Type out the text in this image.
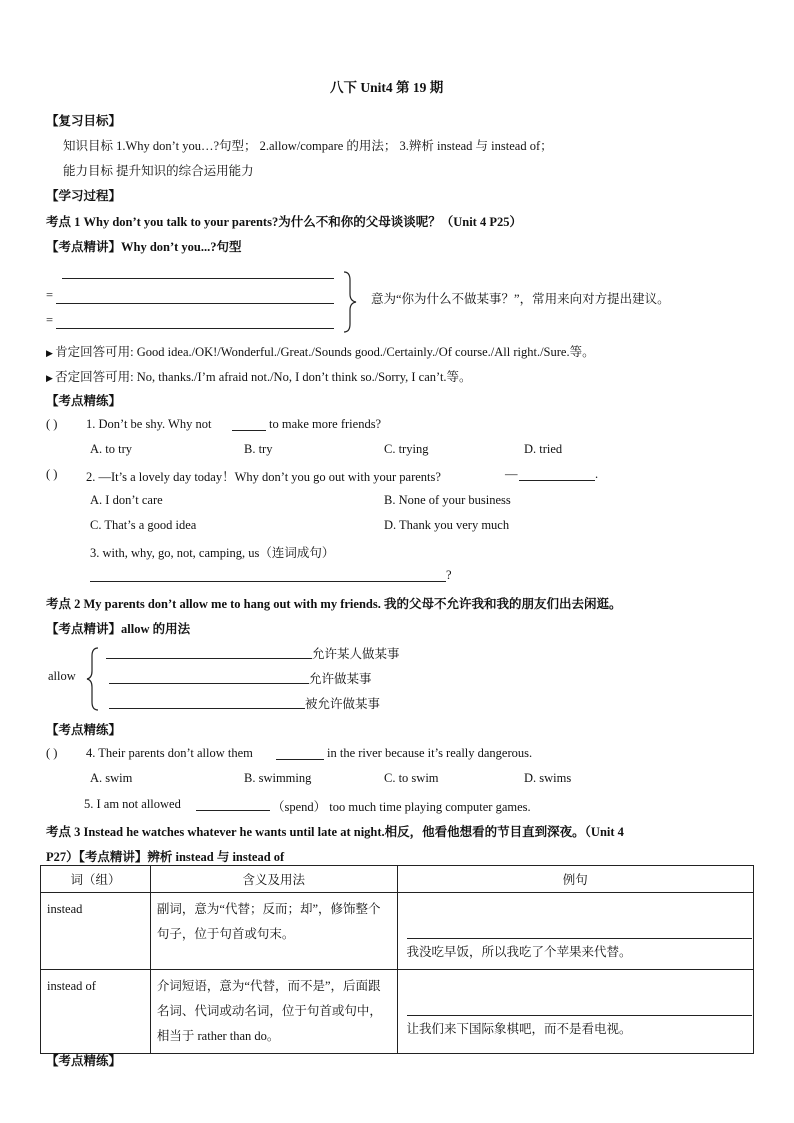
八下 Unit4 第 19 期
【复习目标】
知识目标 1.Why don’t you…?句型； 2.allow/compare 的用法； 3.辨析 instead 与 instead of；
能力目标 提升知识的综合运用能力
【学习过程】
考点 1 Why don’t you talk to your parents?为什么不和你的父母谈谈呢？（Unit 4 P25）
【考点精讲】Why don’t you...?句型
=
=
意为“你为什么不做某事？”，常用来向对方提出建议。
▶ 肯定回答可用: Good idea./OK!/Wonderful./Great./Sounds good./Certainly./Of course./All right./Sure.等。
▶ 否定回答可用: No, thanks./I’m afraid not./No, I don’t think so./Sorry, I can’t.等。
【考点精练】
( ) 1. Don’t be shy. Why not	to make more friends?
A. to try	B. try	C. trying	D. tried
( ) 2. —It’s a lovely day today！Why don’t you go out with your parents?	—	.
A. I don’t care	B. None of your business
C. That’s a good idea	D. Thank you very much
3. with, why, go, not, camping, us（连词成句）
?
考点 2 My parents don’t allow me to hang out with my friends. 我的父母不允许我和我的朋友们出去闲逛。
【考点精讲】allow 的用法
allow
允许某人做某事
允许做某事
被允许做某事
【考点精练】
( ) 4. Their parents don’t allow them	in the river because it’s really dangerous.
A. swim	B. swimming	C. to swim	D. swims
5. I am not allowed	（spend） too much time playing computer games.
考点 3 Instead he watches whatever he wants until late at night.相反，他看他想看的节目直到深夜。（Unit 4
P27）【考点精讲】辨析 instead 与 instead of
词（组）	含义及用法	例句
instead	副词，意为“代替；反而；却”，修饰整个句子，位于句首或句末。	我没吃早饭，所以我吃了个苹果来代替。

instead of	介词短语，意为“代替，而不是”，后面跟名词、代词或动名词，位于句首或句中，相当于 rather than do。	让我们来下国际象棋吧，而不是看电视。
【考点精练】
